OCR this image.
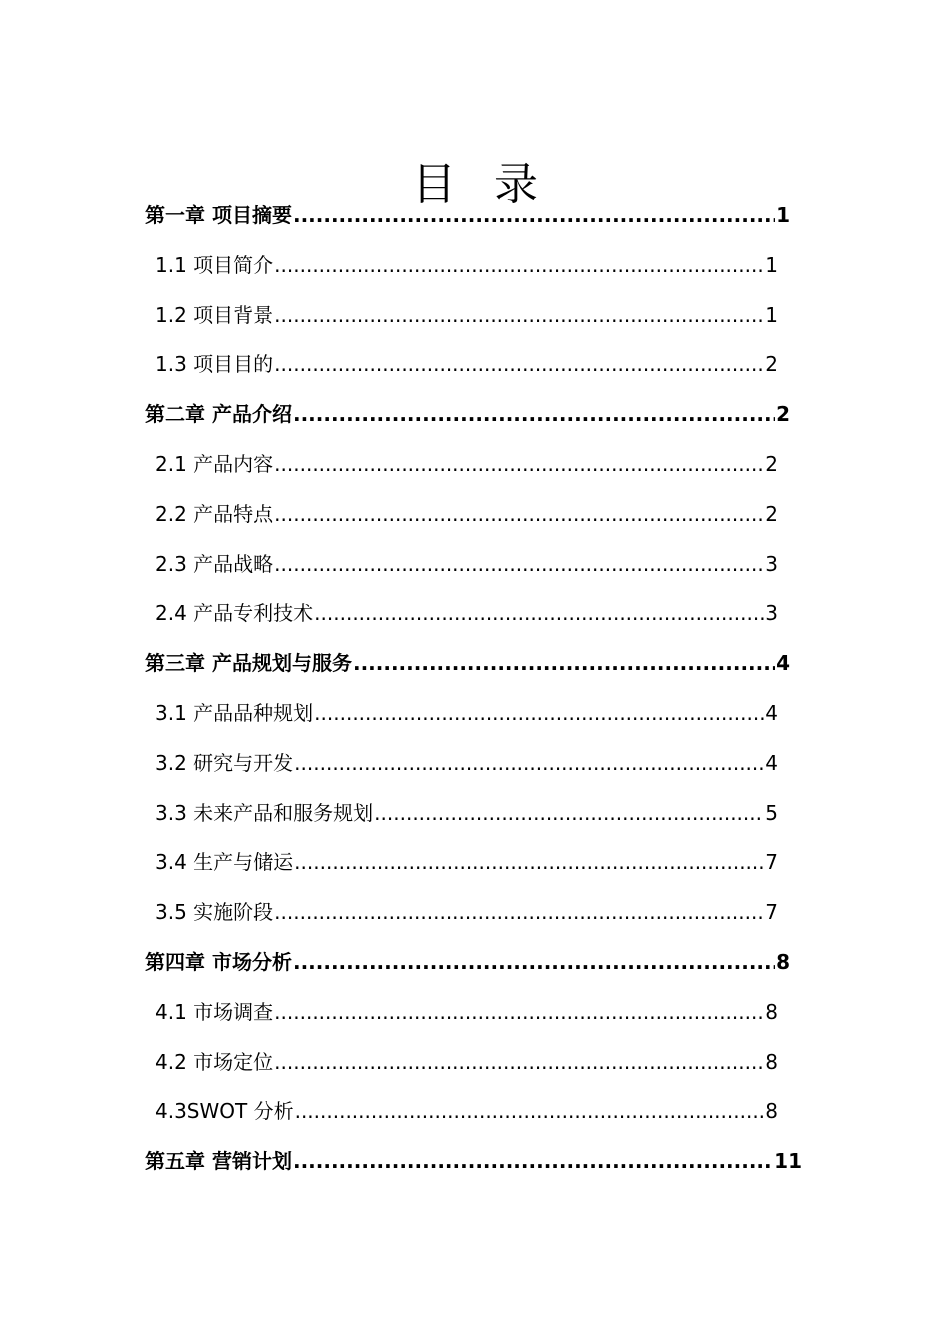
目 录
第一章 项目摘要 .....	1
1.1 项目简介 .....	1
1.2 项目背景 .....	1
1.3 项目目的 .....	2
第二章 产品介绍 .....	2
2.1 产品内容 .....	2
2.2 产品特点 .....	2
2.3 产品战略 .....	3
2.4 产品专利技术 .....	3
第三章 产品规划与服务 .....	4
3.1 产品品种规划 .....	4
3.2 研究与开发 .....	4
3.3 未来产品和服务规划 .....	5
3.4 生产与储运 .....	7
3.5 实施阶段 .....	7
第四章 市场分析 .....	8
4.1 市场调查 .....	8
4.2 市场定位 .....	8
4.3SWOT 分析 .....	8
第五章 营销计划 .....	11
